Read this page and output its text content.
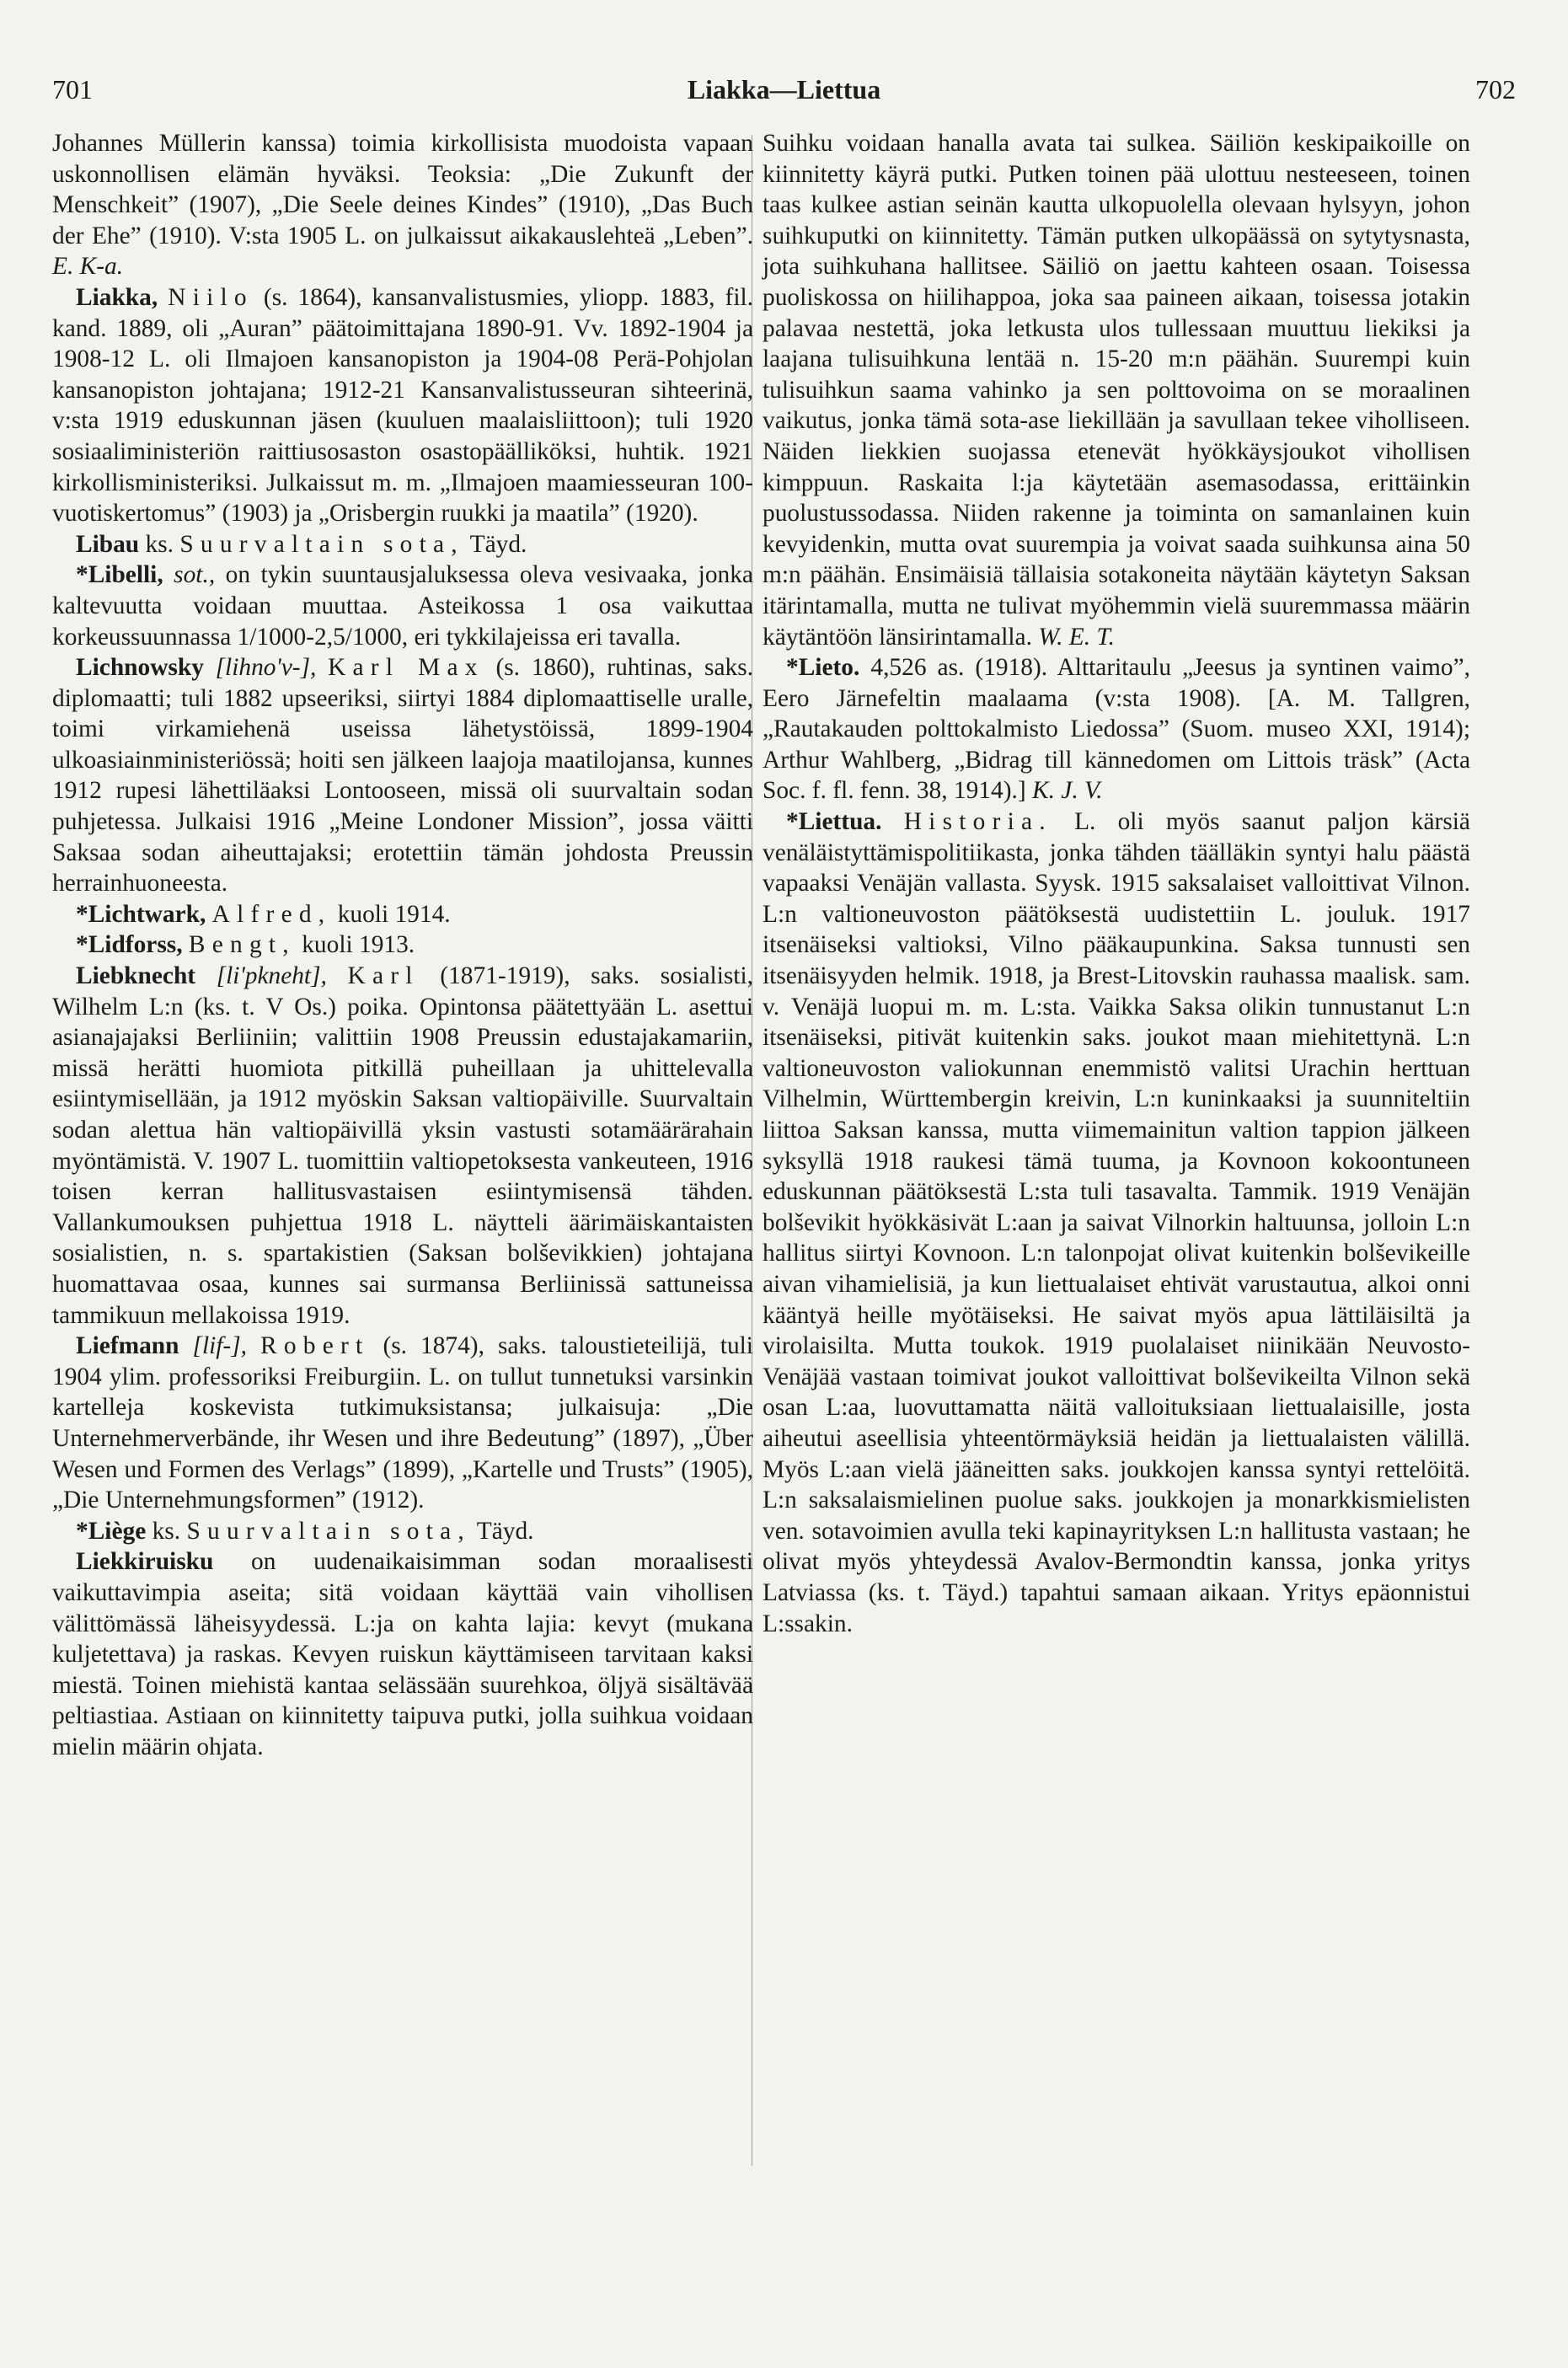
701	Liakka—Liettua	702

Johannes Müllerin kanssa) toimia kirkollisista muodoista vapaan uskonnollisen elämän hyväksi. Teoksia: „Die Zukunft der Menschkeit” (1907), „Die Seele deines Kindes” (1910), „Das Buch der Ehe” (1910). V:sta 1905 L. on julkaissut aikakauslehteä „Leben”. E. K-a.

Liakka, Niilo (s. 1864), kansanvalistusmies, yliopp. 1883, fil. kand. 1889, oli „Auran” päätoimittajana 1890-91. Vv. 1892-1904 ja 1908-12 L. oli Ilmajoen kansanopiston ja 1904-08 Perä-Pohjolan kansanopiston johtajana; 1912-21 Kansanvalistusseuran sihteerinä, v:sta 1919 eduskunnan jäsen (kuuluen maalaisliittoon); tuli 1920 sosiaaliministeriön raittiusosaston osastopäälliköksi, huhtik. 1921 kirkollisministeriksi. Julkaissut m. m. „Ilmajoen maamiesseuran 100-vuotiskertomus” (1903) ja „Orisbergin ruukki ja maatila” (1920).

Libau ks. Suurvaltain sota, Täyd.

*Libelli, sot., on tykin suuntausjaluksessa oleva vesivaaka, jonka kaltevuutta voidaan muuttaa. Asteikossa 1 osa vaikuttaa korkeussuunnassa 1/1000-2,5/1000, eri tykkilajeissa eri tavalla.

Lichnowsky [lihno'v-], Karl Max (s. 1860), ruhtinas, saks. diplomaatti; tuli 1882 upseeriksi, siirtyi 1884 diplomaattiselle uralle, toimi virkamiehenä useissa lähetystöissä, 1899-1904 ulkoasiainministeriössä; hoiti sen jälkeen laajoja maatilojansa, kunnes 1912 rupesi lähettiläaksi Lontooseen, missä oli suurvaltain sodan puhjetessa. Julkaisi 1916 „Meine Londoner Mission”, jossa väitti Saksaa sodan aiheuttajaksi; erotettiin tämän johdosta Preussin herrainhuoneesta.

*Lichtwark, Alfred, kuoli 1914.

*Lidforss, Bengt, kuoli 1913.

Liebknecht [li'pkneht], Karl (1871-1919), saks. sosialisti, Wilhelm L:n (ks. t. V Os.) poika. Opintonsa päätettyään L. asettui asianajajaksi Berliiniin; valittiin 1908 Preussin edustajakamariin, missä herätti huomiota pitkillä puheillaan ja uhittelevalla esiintymisellään, ja 1912 myöskin Saksan valtiopäiville. Suurvaltain sodan alettua hän valtiopäivillä yksin vastusti sotamäärärahain myöntämistä. V. 1907 L. tuomittiin valtiopetoksesta vankeuteen, 1916 toisen kerran hallitusvastaisen esiintymisensä tähden. Vallankumouksen puhjettua 1918 L. näytteli äärimäiskantaisten sosialistien, n. s. spartakistien (Saksan bolševikkien) johtajana huomattavaa osaa, kunnes sai surmansa Berliinissä sattuneissa tammikuun mellakoissa 1919.

Liefmann [lif-], Robert (s. 1874), saks. taloustieteilijä, tuli 1904 ylim. professoriksi Freiburgiin. L. on tullut tunnetuksi varsinkin kartelleja koskevista tutkimuksistansa; julkaisuja: „Die Unternehmerverbände, ihr Wesen und ihre Bedeutung” (1897), „Über Wesen und Formen des Verlags” (1899), „Kartelle und Trusts” (1905), „Die Unternehmungsformen” (1912).

*Liège ks. Suurvaltain sota, Täyd.

Liekkiruisku on uudenaikaisimman sodan moraalisesti vaikuttavimpia aseita; sitä voidaan käyttää vain vihollisen välittömässä läheisyydessä. L:ja on kahta lajia: kevyt (mukana kuljetettava) ja raskas. Kevyen ruiskun käyttämiseen tarvitaan kaksi miestä. Toinen miehistä kantaa selässään suurehkoa, öljyä sisältävää peltiastiaa. Astiaan on kiinnitetty taipuva putki, jolla suihkua voidaan mielin määrin ohjata.

Suihku voidaan hanalla avata tai sulkea. Säiliön keskipaikoille on kiinnitetty käyrä putki. Putken toinen pää ulottuu nesteeseen, toinen taas kulkee astian seinän kautta ulkopuolella olevaan hylsyyn, johon suihkuputki on kiinnitetty. Tämän putken ulkopäässä on sytytysnasta, jota suihkuhana hallitsee. Säiliö on jaettu kahteen osaan. Toisessa puoliskossa on hiilihappoa, joka saa paineen aikaan, toisessa jotakin palavaa nestettä, joka letkusta ulos tullessaan muuttuu liekiksi ja laajana tulisuihkuna lentää n. 15-20 m:n päähän. Suurempi kuin tulisuihkun saama vahinko ja sen polttovoima on se moraalinen vaikutus, jonka tämä sota-ase liekillään ja savullaan tekee viholliseen. Näiden liekkien suojassa etenevät hyökkäysjoukot vihollisen kimppuun. Raskaita l:ja käytetään asemasodassa, erittäinkin puolustussodassa. Niiden rakenne ja toiminta on samanlainen kuin kevyidenkin, mutta ovat suurempia ja voivat saada suihkunsa aina 50 m:n päähän. Ensimäisiä tällaisia sotakoneita näytään käytetyn Saksan itärintamalla, mutta ne tulivat myöhemmin vielä suuremmassa määrin käytäntöön länsirintamalla. W. E. T.

*Lieto. 4,526 as. (1918). Alttaritaulu „Jeesus ja syntinen vaimo”, Eero Järnefeltin maalaama (v:sta 1908). [A. M. Tallgren, „Rautakauden polttokalmisto Liedossa” (Suom. museo XXI, 1914); Arthur Wahlberg, „Bidrag till kännedomen om Littois träsk” (Acta Soc. f. fl. fenn. 38, 1914).] K. J. V.

*Liettua. Historia. L. oli myös saanut paljon kärsiä venäläistyttämispolitiikasta, jonka tähden täälläkin syntyi halu päästä vapaaksi Venäjän vallasta. Syysk. 1915 saksalaiset valloittivat Vilnon. L:n valtioneuvoston päätöksestä uudistettiin L. jouluk. 1917 itsenäiseksi valtioksi, Vilno pääkaupunkina. Saksa tunnusti sen itsenäisyyden helmik. 1918, ja Brest-Litovskin rauhassa maalisk. sam. v. Venäjä luopui m. m. L:sta. Vaikka Saksa olikin tunnustanut L:n itsenäiseksi, pitivät kuitenkin saks. joukot maan miehitettynä. L:n valtioneuvoston valiokunnan enemmistö valitsi Urachin herttuan Vilhelmin, Württembergin kreivin, L:n kuninkaaksi ja suunniteltiin liittoa Saksan kanssa, mutta viimemainitun valtion tappion jälkeen syksyllä 1918 raukesi tämä tuuma, ja Kovnoon kokoontuneen eduskunnan päätöksestä L:sta tuli tasavalta. Tammik. 1919 Venäjän bolševikit hyökkäsivät L:aan ja saivat Vilnorkin haltuunsa, jolloin L:n hallitus siirtyi Kovnoon. L:n talonpojat olivat kuitenkin bolševikeille aivan vihamielisiä, ja kun liettualaiset ehtivät varustautua, alkoi onni kääntyä heille myötäiseksi. He saivat myös apua lättiläisiltä ja virolaisilta. Mutta toukok. 1919 puolalaiset niinikään Neuvosto-Venäjää vastaan toimivat joukot valloittivat bolševikeilta Vilnon sekä osan L:aa, luovuttamatta näitä valloituksiaan liettualaisille, josta aiheutui aseellisia yhteentörmäyksiä heidän ja liettualaisten välillä. Myös L:aan vielä jääneitten saks. joukkojen kanssa syntyi rettelöitä. L:n saksalaismielinen puolue saks. joukkojen ja monarkkismielisten ven. sotavoimien avulla teki kapinayrityksen L:n hallitusta vastaan; he olivat myös yhteydessä Avalov-Bermondtin kanssa, jonka yritys Latviassa (ks. t. Täyd.) tapahtui samaan aikaan. Yritys epäonnistui L:ssakin.
